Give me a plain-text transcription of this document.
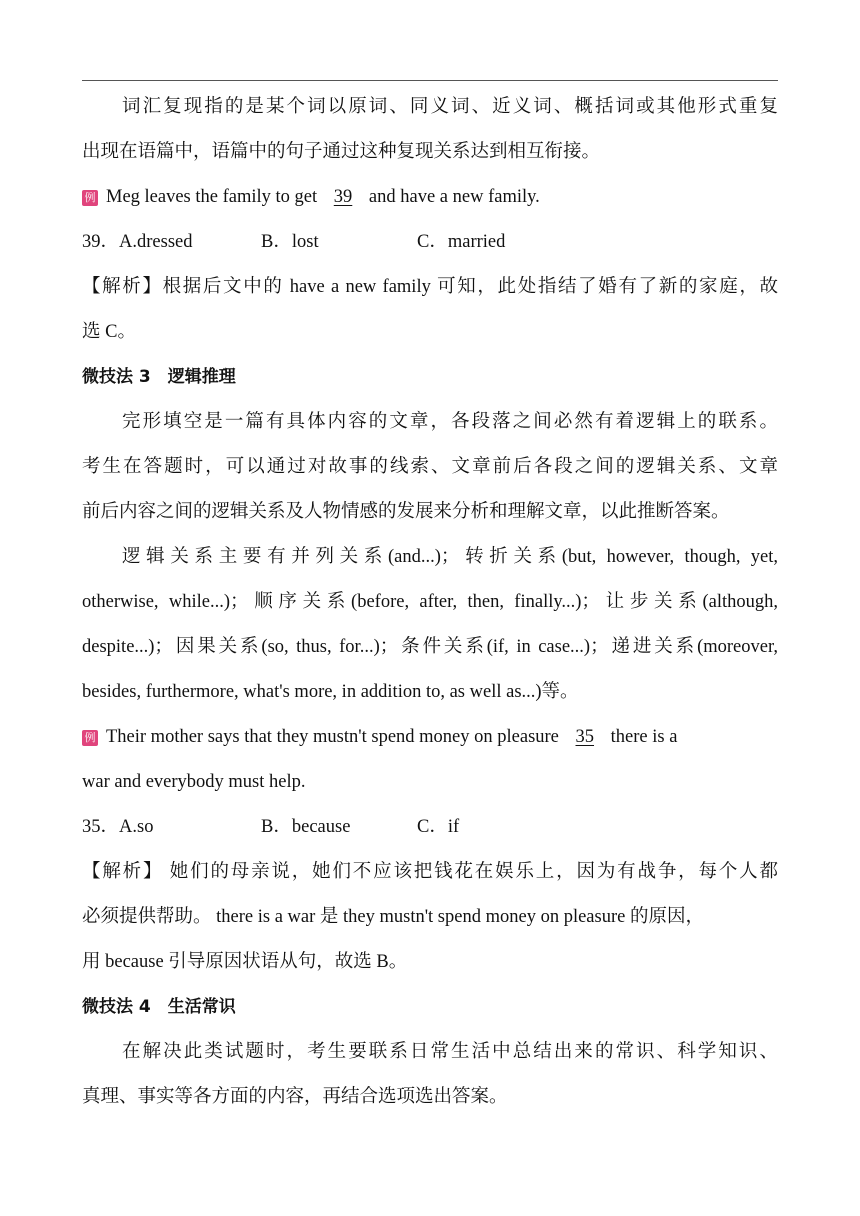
词汇复现指的是某个词以原词、同义词、近义词、概括词或其他形式重复
出现在语篇中，语篇中的句子通过这种复现关系达到相互衔接。
例 Meg leaves the family to get 39 and have a new family.
39．A.dressed	B．lost	C．married
【解析】根据后文中的 have a new family 可知，此处指结了婚有了新的家庭，故
选 C。
微技法 3　逻辑推理
完形填空是一篇有具体内容的文章，各段落之间必然有着逻辑上的联系。
考生在答题时，可以通过对故事的线索、文章前后各段之间的逻辑关系、文章
前后内容之间的逻辑关系及人物情感的发展来分析和理解文章，以此推断答案。
逻辑关系主要有并列关系(and...)；转折关系(but, however, though, yet,
otherwise, while...)；顺序关系(before, after, then, finally...)；让步关系(although,
despite...)；因果关系(so, thus, for...)；条件关系(if, in case...)；递进关系(moreover,
besides, furthermore, what's more, in addition to, as well as...)等。
例 Their mother says that they mustn't spend money on pleasure 35 there is a
war and everybody must help.
35．A.so	B．because	C．if
【解析】 她们的母亲说，她们不应该把钱花在娱乐上，因为有战争，每个人都
必须提供帮助。 there is a war 是 they mustn't spend money on pleasure 的原因，
用 because 引导原因状语从句，故选 B。
微技法 4　生活常识
在解决此类试题时，考生要联系日常生活中总结出来的常识、科学知识、
真理、事实等各方面的内容，再结合选项选出答案。
